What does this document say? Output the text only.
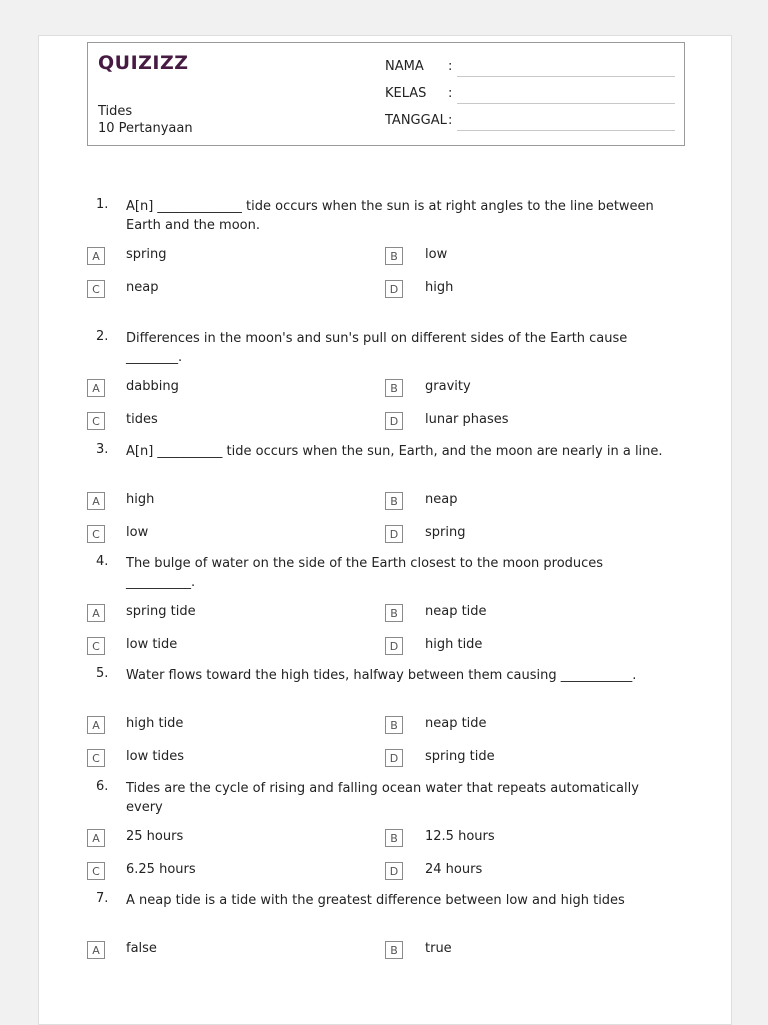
QUIZIZZ
Tides
10 Pertanyaan
NAMA :
KELAS :
TANGGAL :
1. A[n] _____________ tide occurs when the sun is at right angles to the line between Earth and the moon.
A	spring	B	low
C	neap	D	high
2. Differences in the moon's and sun's pull on different sides of the Earth cause ________.
A	dabbing	B	gravity
C	tides	D	lunar phases
3. A[n] __________ tide occurs when the sun, Earth, and the moon are nearly in a line.
A	high	B	neap
C	low	D	spring
4. The bulge of water on the side of the Earth closest to the moon produces __________.
A	spring tide	B	neap tide
C	low tide	D	high tide
5. Water flows toward the high tides, halfway between them causing ___________.
A	high tide	B	neap tide
C	low tides	D	spring tide
6. Tides are the cycle of rising and falling ocean water that repeats automatically every
A	25 hours	B	12.5 hours
C	6.25 hours	D	24 hours
7. A neap tide is a tide with the greatest difference between low and high tides
A	false	B	true
